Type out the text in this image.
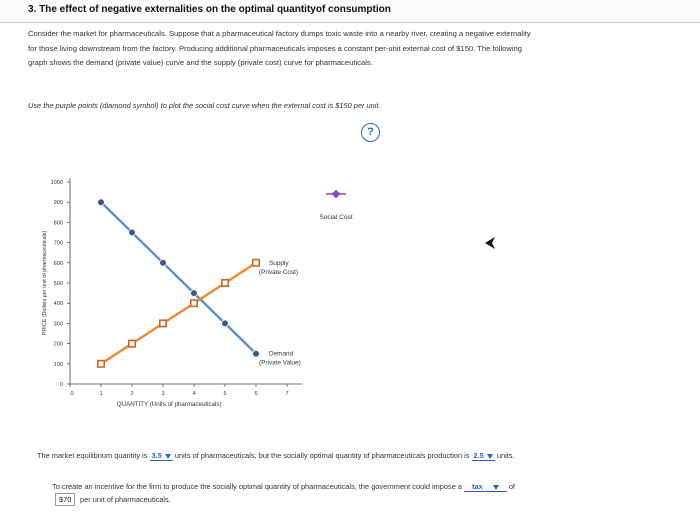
3. The effect of negative externalities on the optimal quantityof consumption
Consider the market for pharmaceuticals. Suppose that a pharmaceutical factory dumps toxic waste into a nearby river, creating a negative externality
for those living downstream from the factory. Producing additional pharmaceuticals imposes a constant per-unit external cost of $150. The following
graph shows the demand (private value) curve and the supply (private cost) curve for pharmaceuticals.
Use the purple points (diamond symbol) to plot the social cost curve when the external cost is $150 per unit.
?
0
100
200
300
400
500
600
700
800
900
1000
0	1	2	3	4	5	6	7
QUANTITY (Units of pharmaceuticals)
PRICE (Dollars per unit of pharmaceuticals)
Demand
(Private Value)
Supply
(Private Cost)
Social Cost
The market equilibrium quantity is 3.5 units of pharmaceuticals, but the socially optimal quantity of pharmaceuticals production is 2.5 units.
To create an incentive for the firm to produce the socially optimal quantity of pharmaceuticals, the government could impose a tax	of
$70	per unit of pharmaceuticals.
